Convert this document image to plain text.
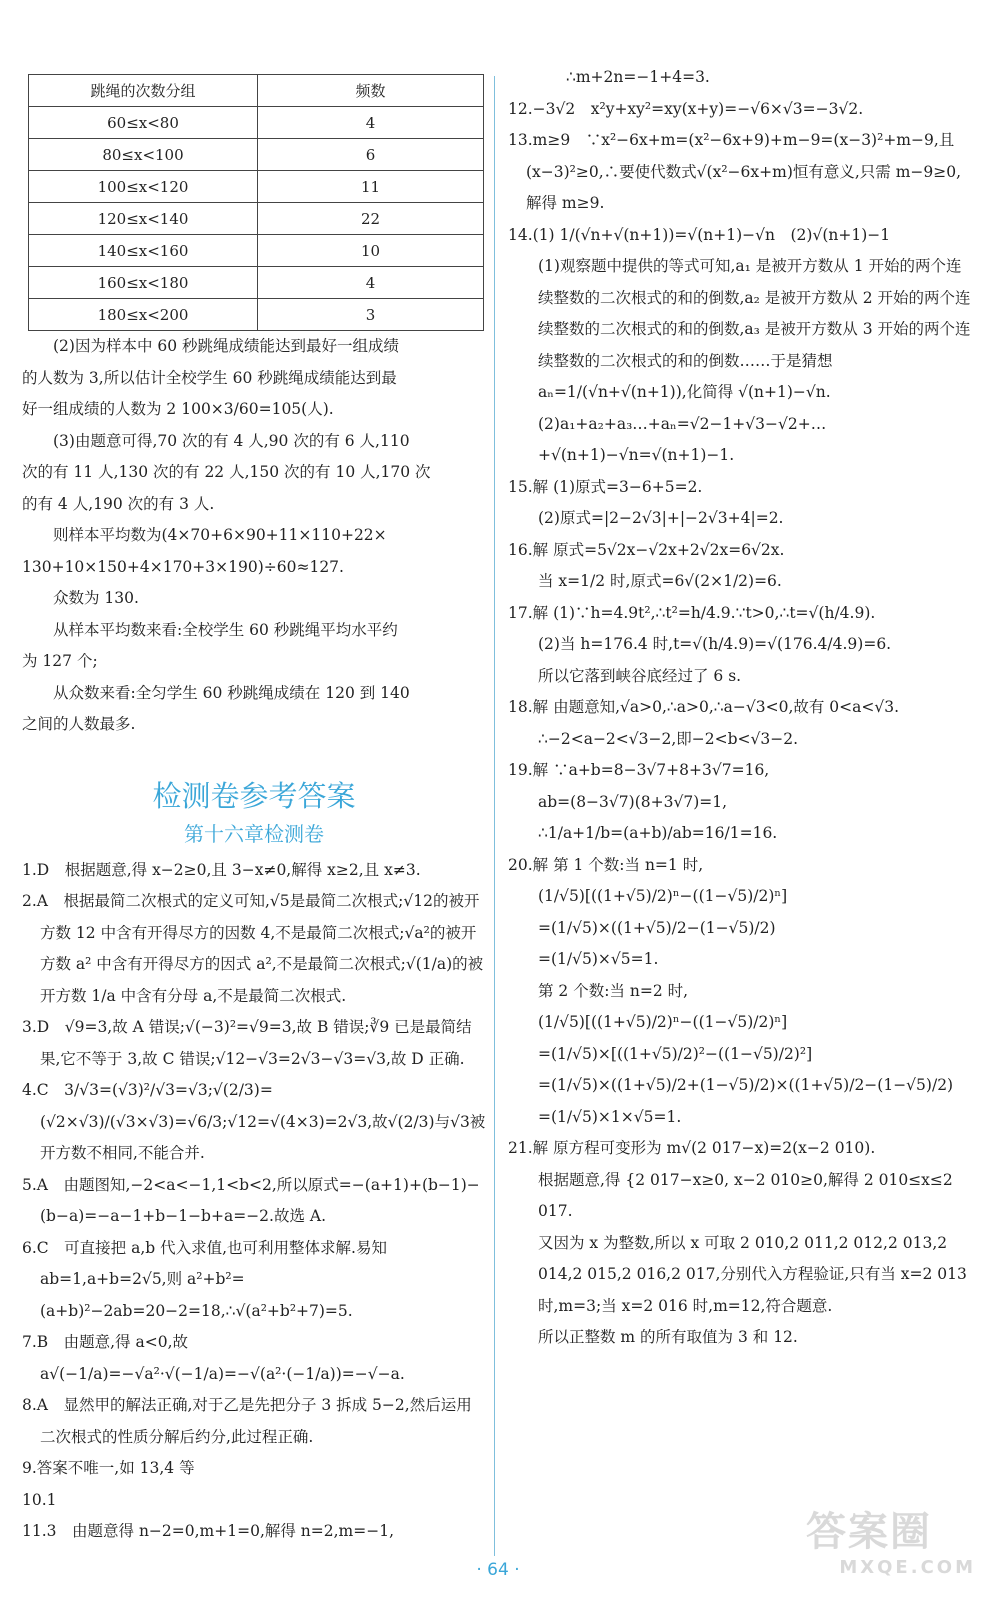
跳绳的次数分组	频数
60≤x<80	4
80≤x<100	6
100≤x<120	11
120≤x<140	22
140≤x<160	10
160≤x<180	4
180≤x<200	3

(2)因为样本中 60 秒跳绳成绩能达到最好一组成绩

的人数为 3,所以估计全校学生 60 秒跳绳成绩能达到最

好一组成绩的人数为 2 100×3/60=105(人).

(3)由题意可得,70 次的有 4 人,90 次的有 6 人,110

次的有 11 人,130 次的有 22 人,150 次的有 10 人,170 次

的有 4 人,190 次的有 3 人.

则样本平均数为(4×70+6×90+11×110+22×

130+10×150+4×170+3×190)÷60≈127.

众数为 130.

从样本平均数来看:全校学生 60 秒跳绳平均水平约

为 127 个;

从众数来看:全匀学生 60 秒跳绳成绩在 120 到 140

之间的人数最多.

检测卷参考答案
第十六章检测卷

1.D　根据题意,得 x−2≥0,且 3−x≠0,解得 x≥2,且 x≠3.

2.A　根据最简二次根式的定义可知,√5是最简二次根式;√12的被开方数 12 中含有开得尽方的因数 4,不是最简二次根式;√a²的被开方数 a² 中含有开得尽方的因式 a²,不是最简二次根式;√(1/a)的被开方数 1/a 中含有分母 a,不是最简二次根式.

3.D　√9=3,故 A 错误;√(−3)²=√9=3,故 B 错误;∛9 已是最简结果,它不等于 3,故 C 错误;√12−√3=2√3−√3=√3,故 D 正确.

4.C　3/√3=(√3)²/√3=√3;√(2/3)=(√2×√3)/(√3×√3)=√6/3;√12=√(4×3)=2√3,故√(2/3)与√3被开方数不相同,不能合并.

5.A　由题图知,−2<a<−1,1<b<2,所以原式=−(a+1)+(b−1)−(b−a)=−a−1+b−1−b+a=−2.故选 A.

6.C　可直接把 a,b 代入求值,也可利用整体求解.易知 ab=1,a+b=2√5,则 a²+b²=(a+b)²−2ab=20−2=18,∴√(a²+b²+7)=5.

7.B　由题意,得 a<0,故 a√(−1/a)=−√a²·√(−1/a)=−√(a²·(−1/a))=−√−a.

8.A　显然甲的解法正确,对于乙是先把分子 3 拆成 5−2,然后运用二次根式的性质分解后约分,此过程正确.

9.答案不唯一,如 13,4 等

10.1

11.3　由题意得 n−2=0,m+1=0,解得 n=2,m=−1,

∴m+2n=−1+4=3.

12.−3√2　x²y+xy²=xy(x+y)=−√6×√3=−3√2.

13.m≥9　∵x²−6x+m=(x²−6x+9)+m−9=(x−3)²+m−9,且(x−3)²≥0,∴要使代数式√(x²−6x+m)恒有意义,只需 m−9≥0,解得 m≥9.

14.(1) 1/(√n+√(n+1))=√(n+1)−√n　(2)√(n+1)−1

(1)观察题中提供的等式可知,a₁ 是被开方数从 1 开始的两个连续整数的二次根式的和的倒数,a₂ 是被开方数从 2 开始的两个连续整数的二次根式的和的倒数,a₃ 是被开方数从 3 开始的两个连续整数的二次根式的和的倒数……于是猜想 aₙ=1/(√n+√(n+1)),化简得 √(n+1)−√n.

(2)a₁+a₂+a₃…+aₙ=√2−1+√3−√2+…+√(n+1)−√n=√(n+1)−1.

15.解 (1)原式=3−6+5=2.

(2)原式=|2−2√3|+|−2√3+4|=2.

16.解 原式=5√2x−√2x+2√2x=6√2x.

当 x=1/2 时,原式=6√(2×1/2)=6.

17.解 (1)∵h=4.9t²,∴t²=h/4.9.∵t>0,∴t=√(h/4.9).

(2)当 h=176.4 时,t=√(h/4.9)=√(176.4/4.9)=6.

所以它落到峡谷底经过了 6 s.

18.解 由题意知,√a>0,∴a>0,∴a−√3<0,故有 0<a<√3.

∴−2<a−2<√3−2,即−2<b<√3−2.

19.解 ∵a+b=8−3√7+8+3√7=16,

ab=(8−3√7)(8+3√7)=1,

∴1/a+1/b=(a+b)/ab=16/1=16.

20.解 第 1 个数:当 n=1 时,

(1/√5)[((1+√5)/2)ⁿ−((1−√5)/2)ⁿ]

=(1/√5)×((1+√5)/2−(1−√5)/2)

=(1/√5)×√5=1.

第 2 个数:当 n=2 时,

(1/√5)[((1+√5)/2)ⁿ−((1−√5)/2)ⁿ]

=(1/√5)×[((1+√5)/2)²−((1−√5)/2)²]

=(1/√5)×((1+√5)/2+(1−√5)/2)×((1+√5)/2−(1−√5)/2)

=(1/√5)×1×√5=1.

21.解 原方程可变形为 m√(2 017−x)=2(x−2 010).

根据题意,得 {2 017−x≥0, x−2 010≥0,解得 2 010≤x≤2 017.

又因为 x 为整数,所以 x 可取 2 010,2 011,2 012,2 013,2 014,2 015,2 016,2 017,分别代入方程验证,只有当 x=2 013 时,m=3;当 x=2 016 时,m=12,符合题意.

所以正整数 m 的所有取值为 3 和 12.

· 64 ·
答案圈
MXQE.COM
